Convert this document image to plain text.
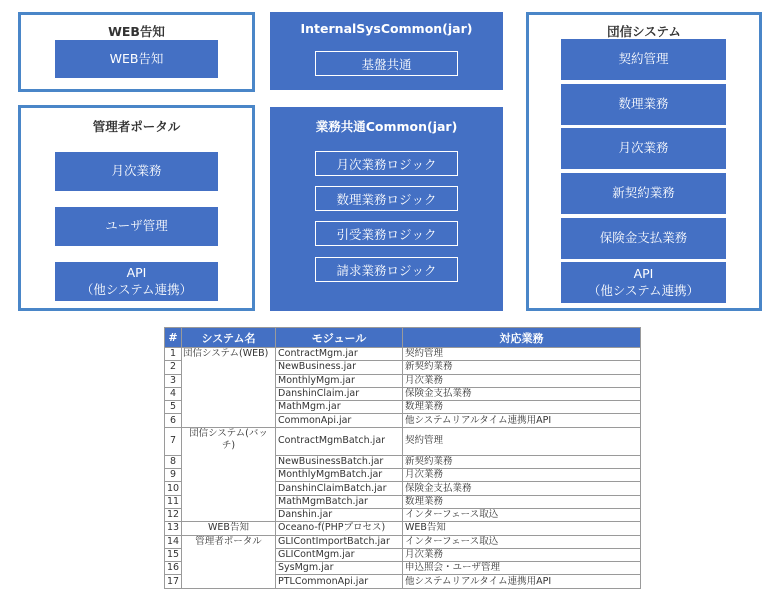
WEB告知
WEB告知
InternalSysCommon(jar)
基盤共通
団信システム
契約管理
数理業務
月次業務
新契約業務
保険金支払業務
API
（他システム連携）
管理者ポータル
月次業務
ユーザ管理
API
（他システム連携）
業務共通Common(jar)
月次業務ロジック
数理業務ロジック
引受業務ロジック
請求業務ロジック
#	システム名	モジュール	対応業務
1	団信システム(WEB)	ContractMgm.jar	契約管理
2		NewBusiness.jar	新契約業務
3		MonthlyMgm.jar	月次業務
4		DanshinClaim.jar	保険金支払業務
5		MathMgm.jar	数理業務
6		CommonApi.jar	他システムリアルタイム連携用API
7	団信システム(バッチ)	ContractMgmBatch.jar	契約管理
8		NewBusinessBatch.jar	新契約業務
9		MonthlyMgmBatch.jar	月次業務
10		DanshinClaimBatch.jar	保険金支払業務
11		MathMgmBatch.jar	数理業務
12		Danshin.jar	インターフェース取込
13	WEB告知	Oceano-f(PHPプロセス)	WEB告知
14	管理者ポータル	GLIContImportBatch.jar	インターフェース取込
15		GLIContMgm.jar	月次業務
16		SysMgm.jar	申込照会・ユーザ管理
17		PTLCommonApi.jar	他システムリアルタイム連携用API
